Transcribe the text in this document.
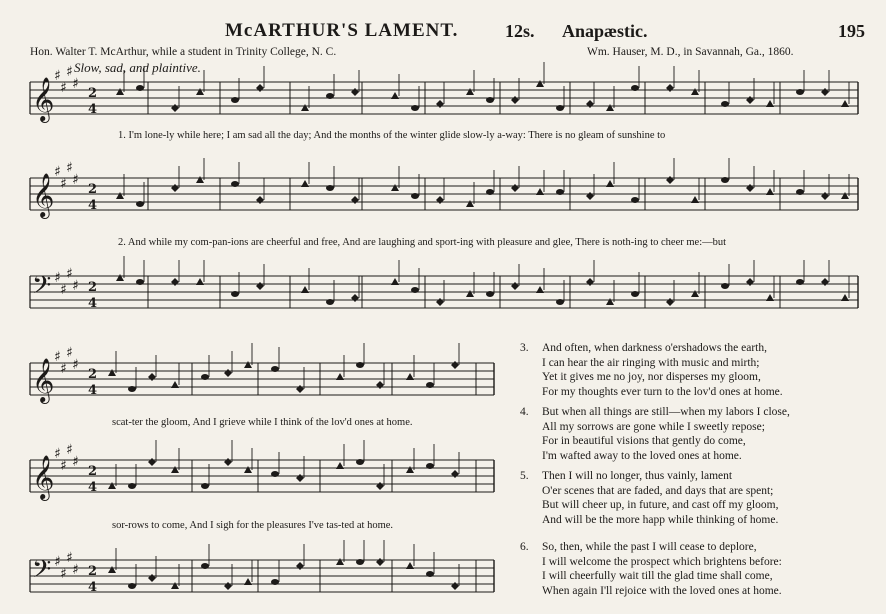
McARTHUR'S LAMENT.	12s. Anapæstic.	195
Hon. Walter T. McArthur, while a student in Trinity College, N. C.	Wm. Hauser, M. D., in Savannah, Ga., 1860.
Slow, sad, and plaintive.
𝄞
♯
♯
♯
♯
𝄞
♯
♯
♯
♯
𝄢 ♯
♯
♯
♯
𝄞
♯
♯
♯
♯
𝄞
♯
♯
♯
♯
𝄢 ♯
♯
♯
♯
2
4
2
4
2
4
2
4
2
4
2
4
1. I'm lone-ly while here; I am sad all the day; And the months of the winter glide slow-ly a-way: There is no gleam of sunshine to
2. And while my com-pan-ions are cheerful and free, And are laughing and sport-ing with pleasure and glee, There is noth-ing to cheer me:—but
scat-ter the gloom, And I grieve while I think of the lov'd ones at home.
sor-rows to come, And I sigh for the pleasures I've tas-ted at home.
3.	And often, when darkness o'ershadows the earth,
I can hear the air ringing with music and mirth;
Yet it gives me no joy, nor disperses my gloom,
For my thoughts ever turn to the lov'd ones at home.
4.	But when all things are still—when my labors I close,
All my sorrows are gone while I sweetly repose;
For in beautiful visions that gently do come,
I'm wafted away to the loved ones at home.
5.	Then I will no longer, thus vainly, lament
O'er scenes that are faded, and days that are spent;
But will cheer up, in future, and cast off my gloom,
And will be the more happ while thinking of home.
6.	So, then, while the past I will cease to deplore,
I will welcome the prospect which brightens before:
I will cheerfully wait till the glad time shall come,
When again I'll rejoice with the loved ones at home.
